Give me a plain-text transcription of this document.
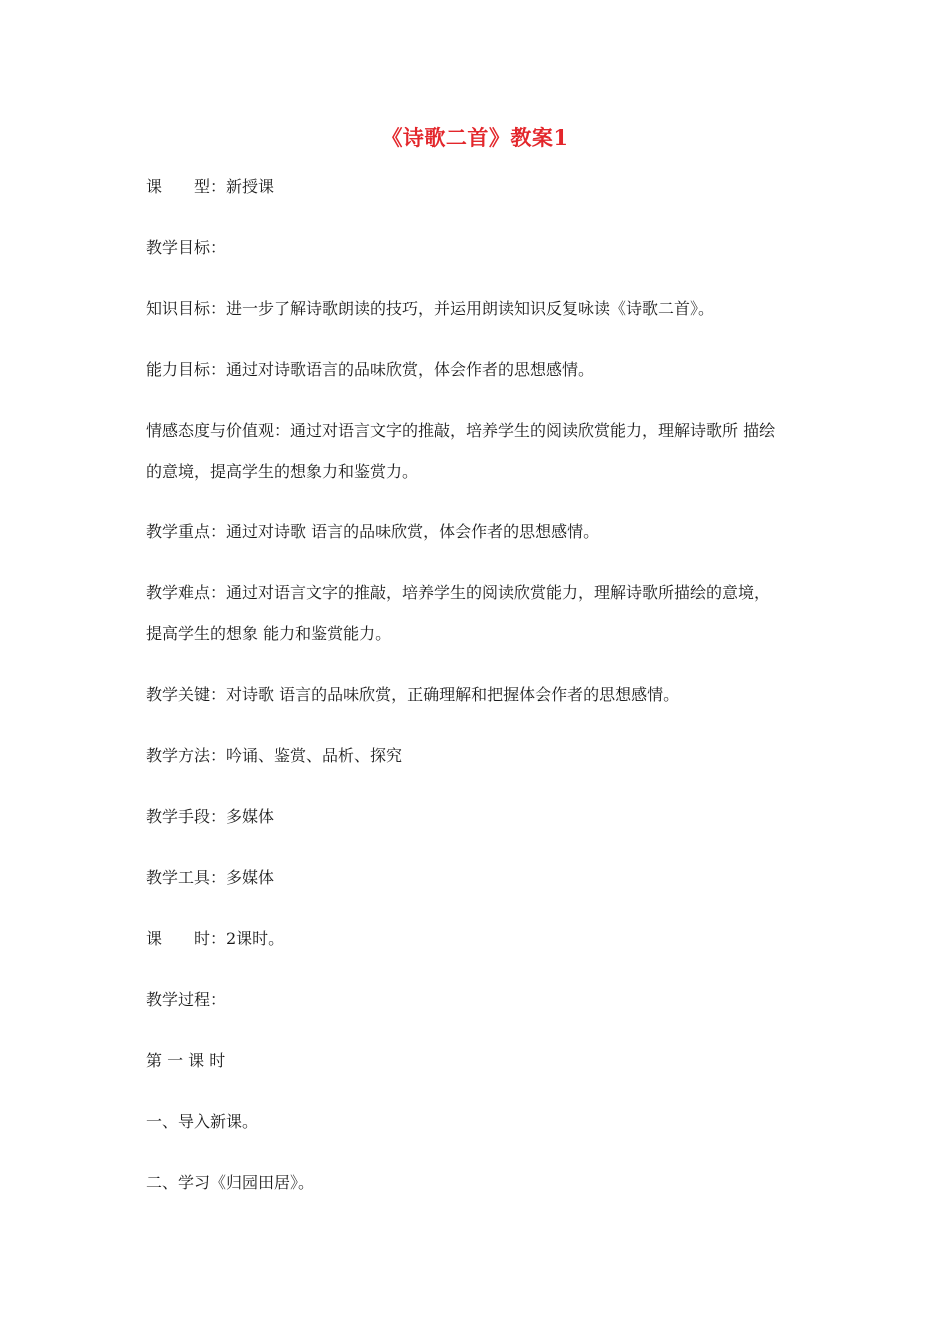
《诗歌二首》教案1
课　　型：新授课
教学目标：
知识目标：进一步了解诗歌朗读的技巧，并运用朗读知识反复咏读《诗歌二首》。
能力目标：通过对诗歌语言的品味欣赏，体会作者的思想感情。
情感态度与价值观：通过对语言文字的推敲，培养学生的阅读欣赏能力，理解诗歌所 描绘
的意境，提高学生的想象力和鉴赏力。
教学重点：通过对诗歌 语言的品味欣赏，体会作者的思想感情。
教学难点：通过对语言文字的推敲，培养学生的阅读欣赏能力，理解诗歌所描绘的意境，
提高学生的想象 能力和鉴赏能力。
教学关键：对诗歌 语言的品味欣赏，正确理解和把握体会作者的思想感情。
教学方法：吟诵、鉴赏、品析、探究
教学手段：多媒体
教学工具：多媒体
课　　时：2课时。
教学过程：
第 一 课 时
一、导入新课。
二、学习《归园田居》。
